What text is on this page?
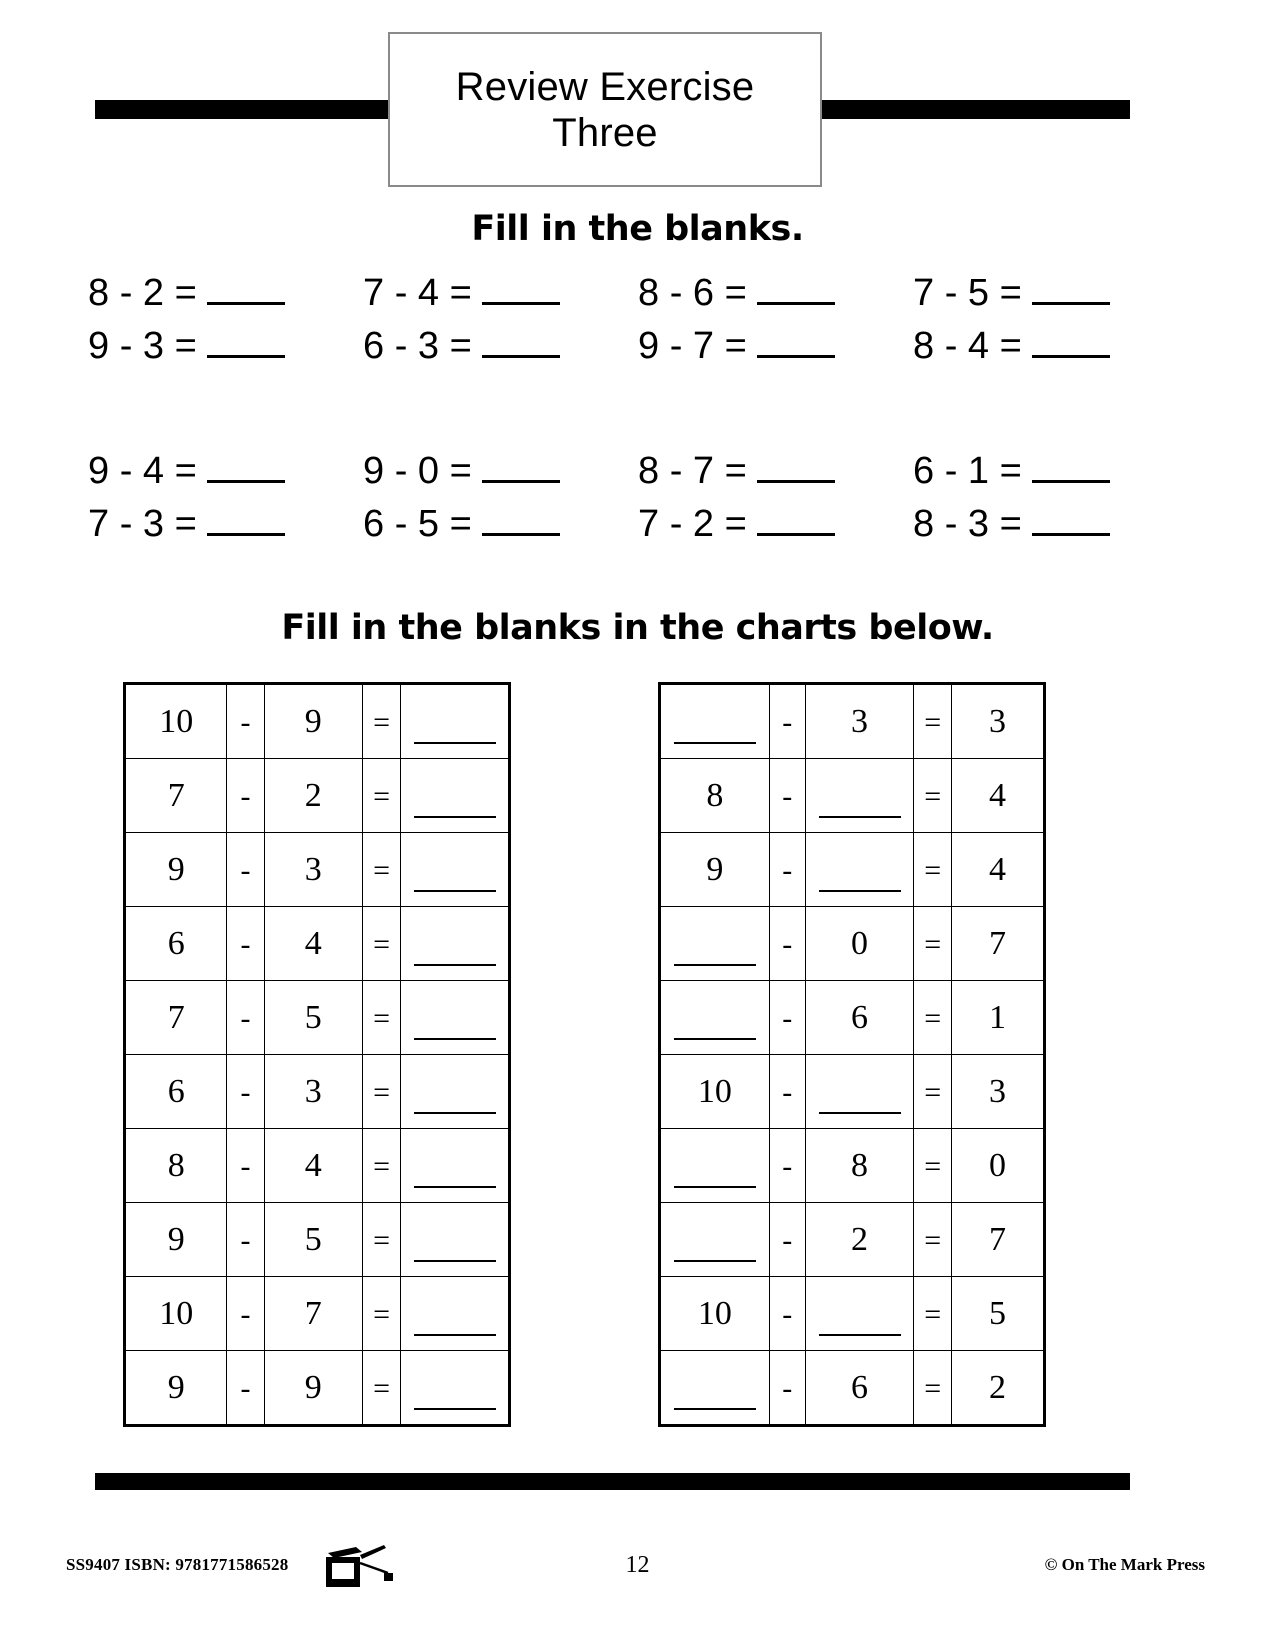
Review Exercise
Three
Fill in the blanks.
8 - 2 =
9 - 3 =
7 - 4 =
6 - 3 =
8 - 6 =
9 - 7 =
7 - 5 =
8 - 4 =
9 - 4 =
7 - 3 =
9 - 0 =
6 - 5 =
8 - 7 =
7 - 2 =
6 - 1 =
8 - 3 =
Fill in the blanks in the charts below.
10	-	9	=	

7	-	2	=	

9	-	3	=	

6	-	4	=	

7	-	5	=	

6	-	3	=	

8	-	4	=	

9	-	5	=	

10	-	7	=	

9	-	9	=	
	-	3	=	3
8	-		=	4
9	-		=	4

	-	0	=	7

	-	6	=	1
10	-		=	3

	-	8	=	0

	-	2	=	7
10	-		=	5

	-	6	=	2
SS9407 ISBN: 9781771586528	12	© On The Mark Press
